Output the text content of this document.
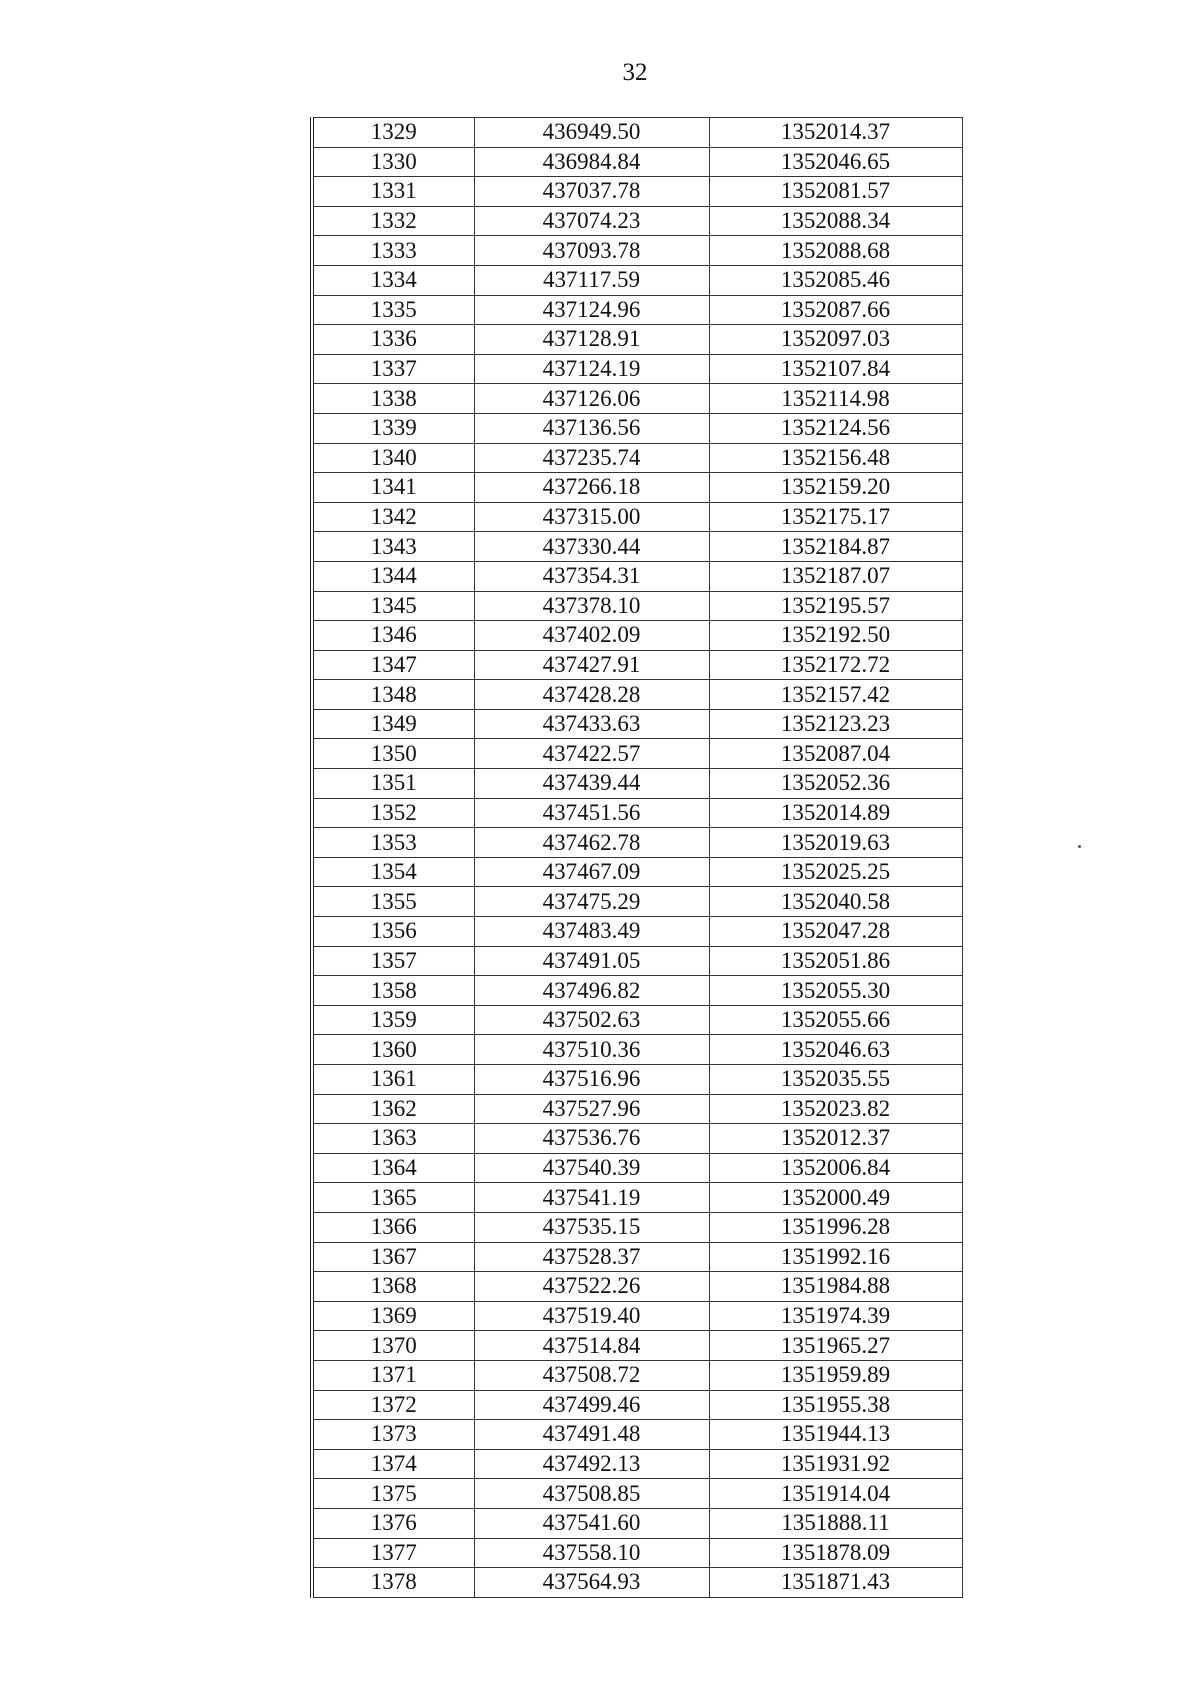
32
1329	436949.50	1352014.37
1330	436984.84	1352046.65
1331	437037.78	1352081.57
1332	437074.23	1352088.34
1333	437093.78	1352088.68
1334	437117.59	1352085.46
1335	437124.96	1352087.66
1336	437128.91	1352097.03
1337	437124.19	1352107.84
1338	437126.06	1352114.98
1339	437136.56	1352124.56
1340	437235.74	1352156.48
1341	437266.18	1352159.20
1342	437315.00	1352175.17
1343	437330.44	1352184.87
1344	437354.31	1352187.07
1345	437378.10	1352195.57
1346	437402.09	1352192.50
1347	437427.91	1352172.72
1348	437428.28	1352157.42
1349	437433.63	1352123.23
1350	437422.57	1352087.04
1351	437439.44	1352052.36
1352	437451.56	1352014.89
1353	437462.78	1352019.63
1354	437467.09	1352025.25
1355	437475.29	1352040.58
1356	437483.49	1352047.28
1357	437491.05	1352051.86
1358	437496.82	1352055.30
1359	437502.63	1352055.66
1360	437510.36	1352046.63
1361	437516.96	1352035.55
1362	437527.96	1352023.82
1363	437536.76	1352012.37
1364	437540.39	1352006.84
1365	437541.19	1352000.49
1366	437535.15	1351996.28
1367	437528.37	1351992.16
1368	437522.26	1351984.88
1369	437519.40	1351974.39
1370	437514.84	1351965.27
1371	437508.72	1351959.89
1372	437499.46	1351955.38
1373	437491.48	1351944.13
1374	437492.13	1351931.92
1375	437508.85	1351914.04
1376	437541.60	1351888.11
1377	437558.10	1351878.09
1378	437564.93	1351871.43
